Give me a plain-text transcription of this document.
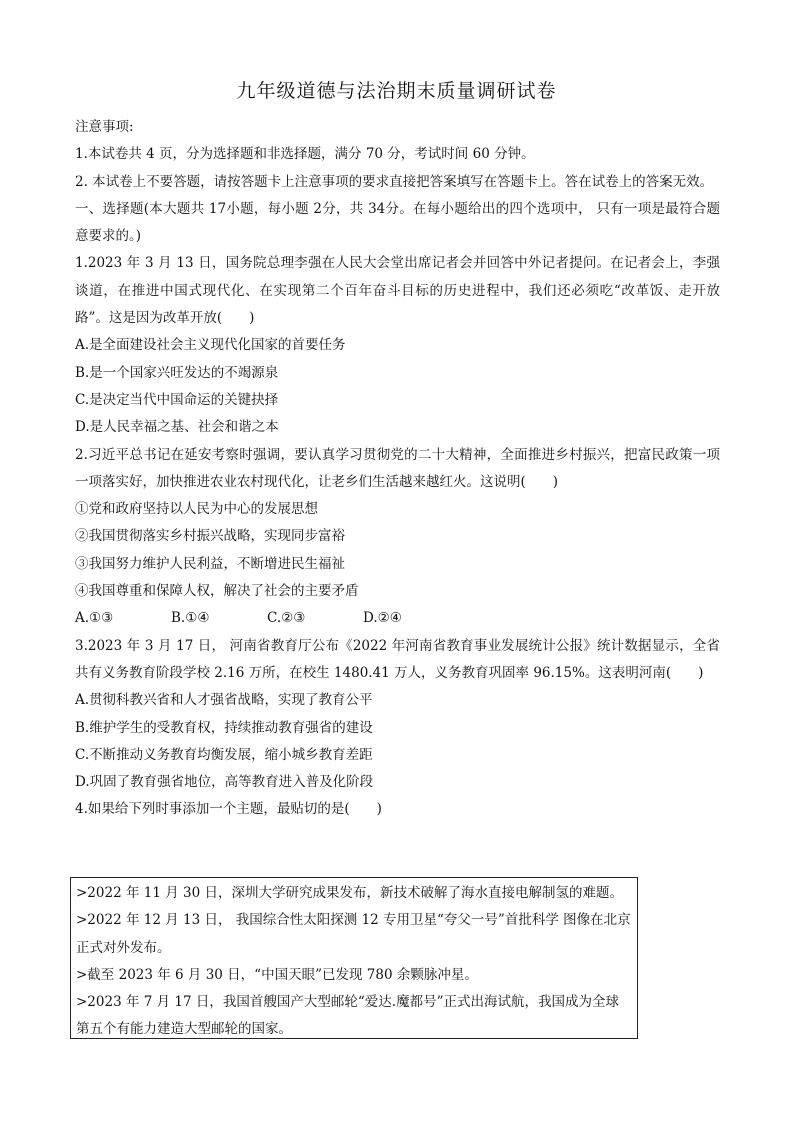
九年级道德与法治期末质量调研试卷

注意事项:

1.本试卷共 4 页，分为选择题和非选择题，满分 70 分，考试时间 60 分钟。

2. 本试卷上不要答题，请按答题卡上注意事项的要求直接把答案填写在答题卡上。答在试卷上的答案无效。

一、选择题(本大题共 17小题，每小题 2分，共 34分。在每小题给出的四个选项中， 只有一项是最符合题意要求的。)

1.2023 年 3 月 13 日，国务院总理李强在人民大会堂出席记者会并回答中外记者提问。在记者会上，李强谈道，在推进中国式现代化、在实现第二个百年奋斗目标的历史进程中，我们还必须吃“改革饭、走开放路”。这是因为改革开放(　　)

A.是全面建设社会主义现代化国家的首要任务

B.是一个国家兴旺发达的不竭源泉

C.是决定当代中国命运的关键抉择

D.是人民幸福之基、社会和谐之本

2.习近平总书记在延安考察时强调，要认真学习贯彻党的二十大精神，全面推进乡村振兴，把富民政策一项一项落实好，加快推进农业农村现代化，让老乡们生活越来越红火。这说明(　　)

①党和政府坚持以人民为中心的发展思想

②我国贯彻落实乡村振兴战略，实现同步富裕

③我国努力维护人民利益，不断增进民生福祉

④我国尊重和保障人权，解决了社会的主要矛盾

A.①③	B.①④	C.②③	D.②④

3.2023 年 3 月 17 日， 河南省教育厅公布《2022 年河南省教育事业发展统计公报》统计数据显示，全省共有义务教育阶段学校 2.16 万所，在校生 1480.41 万人，义务教育巩固率 96.15%。这表明河南(　　)

A.贯彻科教兴省和人才强省战略，实现了教育公平

B.维护学生的受教育权，持续推动教育强省的建设

C.不断推动义务教育均衡发展，缩小城乡教育差距

D.巩固了教育强省地位，高等教育进入普及化阶段

4.如果给下列时事添加一个主题，最贴切的是(　　)

>2022 年 11 月 30 日，深圳大学研究成果发布，新技术破解了海水直接电解制氢的难题。

>2022 年 12 月 13 日， 我国综合性太阳探测 12 专用卫星“夸父一号”首批科学 图像在北京正式对外发布。

>截至 2023 年 6 月 30 日，“中国天眼”已发现 780 余颗脉冲星。

>2023 年 7 月 17 日，我国首艘国产大型邮轮“爱达.魔都号”正式出海试航，我国成为全球第五个有能力建造大型邮轮的国家。
